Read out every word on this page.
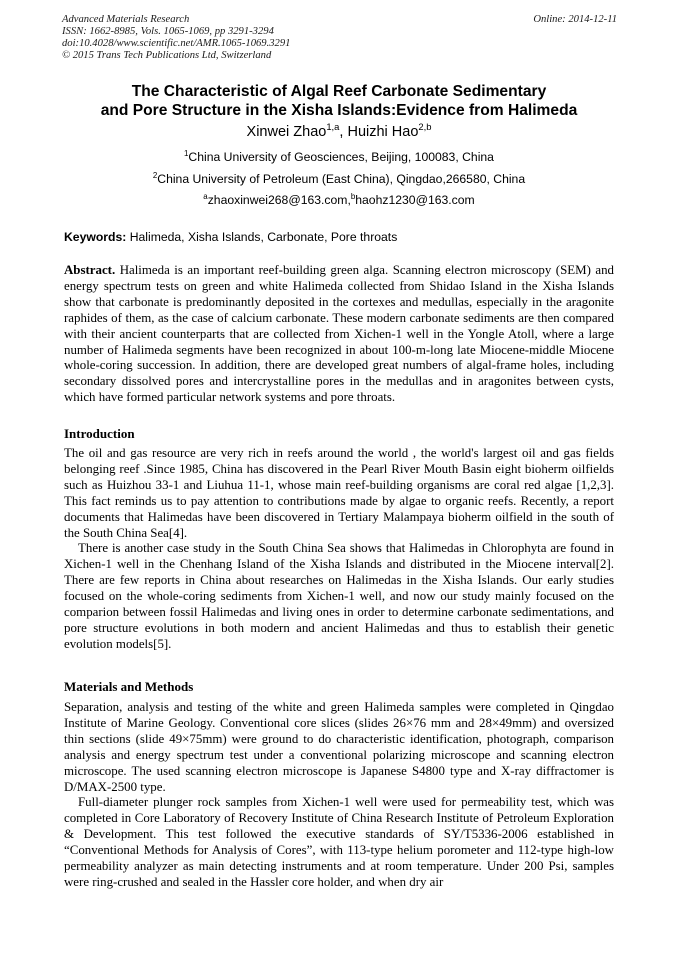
Advanced Materials Research
ISSN: 1662-8985, Vols. 1065-1069, pp 3291-3294
doi:10.4028/www.scientific.net/AMR.1065-1069.3291
© 2015 Trans Tech Publications Ltd, Switzerland
Online: 2014-12-11
The Characteristic of Algal Reef Carbonate Sedimentary
and Pore Structure in the Xisha Islands:Evidence from Halimeda
Xinwei Zhao$^{1,a}$, Huizhi Hao$^{2,b}$
$^1$China University of Geosciences, Beijing, 100083, China
$^2$China University of Petroleum (East China), Qingdao,266580, China
$^a$zhaoxinwei268@163.com,$^b$haohz1230@163.com
Keywords: Halimeda, Xisha Islands, Carbonate, Pore throats

Abstract. Halimeda is an important reef-building green alga. Scanning electron microscopy (SEM) and energy spectrum tests on green and white Halimeda collected from Shidao Island in the Xisha Islands show that carbonate is predominantly deposited in the cortexes and medullas, especially in the aragonite raphides of them, as the case of calcium carbonate. These modern carbonate sediments are then compared with their ancient counterparts that are collected from Xichen-1 well in the Yongle Atoll, where a large number of Halimeda segments have been recognized in about 100-m-long late Miocene-middle Miocene whole-coring succession. In addition, there are developed great numbers of algal-frame holes, including secondary dissolved pores and intercrystalline pores in the medullas and in aragonites between cysts, which have formed particular network systems and pore throats.

Introduction

The oil and gas resource are very rich in reefs around the world , the world's largest oil and gas fields belonging reef .Since 1985, China has discovered in the Pearl River Mouth Basin eight bioherm oilfields such as Huizhou 33-1 and Liuhua 11-1, whose main reef-building organisms are coral red algae [1,2,3]. This fact reminds us to pay attention to contributions made by algae to organic reefs. Recently, a report documents that Halimedas have been discovered in Tertiary Malampaya bioherm oilfield in the south of the South China Sea[4].

There is another case study in the South China Sea shows that Halimedas in Chlorophyta are found in Xichen-1 well in the Chenhang Island of the Xisha Islands and distributed in the Miocene interval[2]. There are few reports in China about researches on Halimedas in the Xisha Islands. Our early studies focused on the whole-coring sediments from Xichen-1 well, and now our study mainly focused on the comparion between fossil Halimedas and living ones in order to determine carbonate sedimentations, and pore structure evolutions in both modern and ancient Halimedas and thus to establish their genetic evolution models[5].

Materials and Methods

Separation, analysis and testing of the white and green Halimeda samples were completed in Qingdao Institute of Marine Geology. Conventional core slices (slides 26×76 mm and 28×49mm) and oversized thin sections (slide 49×75mm) were ground to do characteristic identification, photograph, comparison analysis and energy spectrum test under a conventional polarizing microscope and scanning electron microscope. The used scanning electron microscope is Japanese S4800 type and X-ray diffractomer is D/MAX-2500 type.

Full-diameter plunger rock samples from Xichen-1 well were used for permeability test, which was completed in Core Laboratory of Recovery Institute of China Research Institute of Petroleum Exploration & Development. This test followed the executive standards of SY/T5336-2006 established in “Conventional Methods for Analysis of Cores”, with 113-type helium porometer and 112-type high-low permeability analyzer as main detecting instruments and at room temperature. Under 200 Psi, samples were ring-crushed and sealed in the Hassler core holder, and when dry air
